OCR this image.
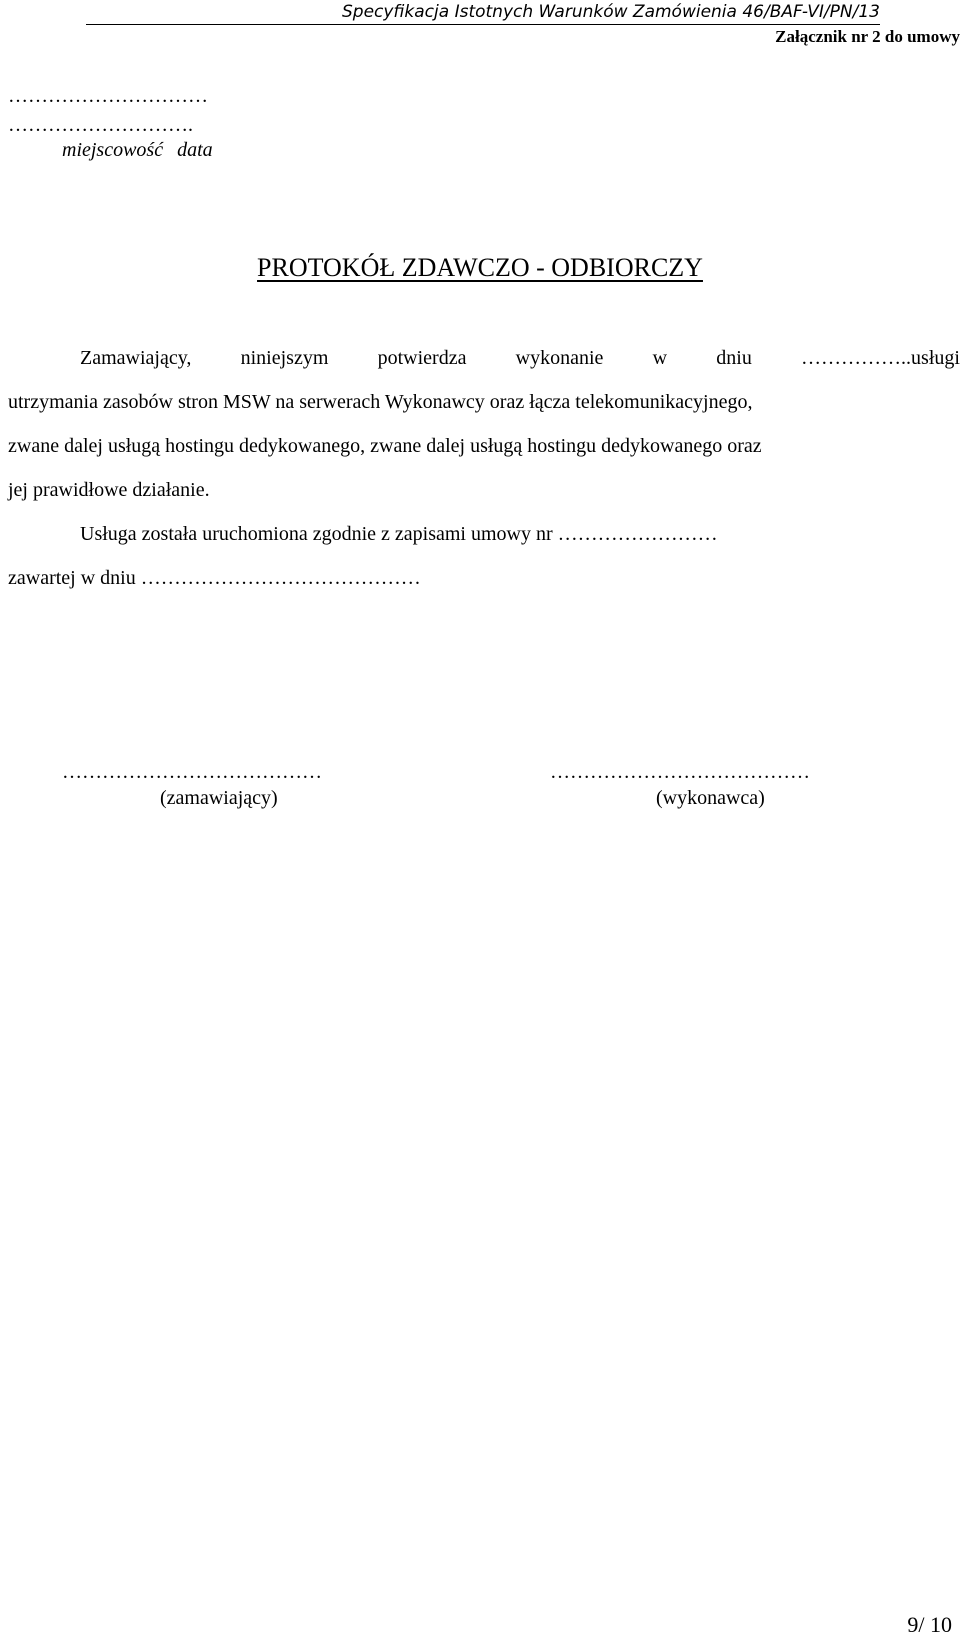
Specyfikacja Istotnych Warunków Zamówienia 46/BAF-VI/PN/13
Załącznik nr 2 do umowy
…………………………
……………………….
miejscowość data
PROTOKÓŁ ZDAWCZO - ODBIORCZY
Zamawiający, niniejszym potwierdza wykonanie w dniu ……………..usługi
utrzymania zasobów stron MSW na serwerach Wykonawcy oraz łącza telekomunikacyjnego,
zwane dalej usługą hostingu dedykowanego, zwane dalej usługą hostingu dedykowanego oraz
jej prawidłowe działanie.
Usługa została uruchomiona zgodnie z zapisami umowy nr ……………………
zawartej w dniu ……………………………………
…………………………………
(zamawiający)
…………………………………
(wykonawca)
9/ 10
